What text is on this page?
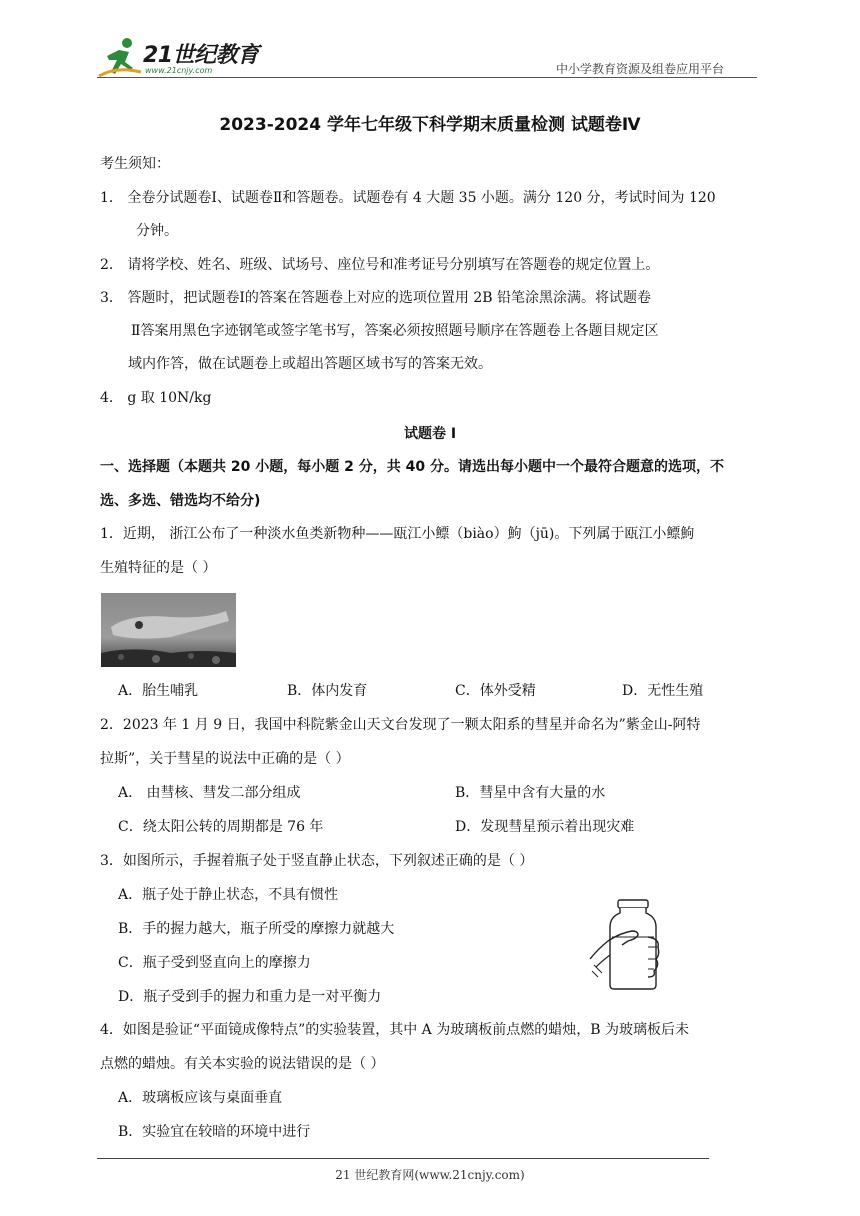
21世纪教育
www.21cnjy.com	中小学教育资源及组卷应用平台
2023-2024 学年七年级下科学期末质量检测 试题卷Ⅳ
考生须知：
1． 全卷分试题卷Ⅰ、试题卷Ⅱ和答题卷。试题卷有 4 大题 35 小题。满分 120 分，考试时间为 120
分钟。
2． 请将学校、姓名、班级、试场号、座位号和准考证号分别填写在答题卷的规定位置上。
3． 答题时，把试题卷Ⅰ的答案在答题卷上对应的选项位置用 2B 铅笔涂黑涂满。将试题卷
Ⅱ答案用黑色字迹钢笔或签字笔书写，答案必须按照题号顺序在答题卷上各题目规定区
域内作答，做在试题卷上或超出答题区域书写的答案无效。
4． g 取 10N/kg
试题卷 I
一、选择题（本题共 20 小题，每小题 2 分，共 40 分。请选出每小题中一个最符合题意的选项，不
选、多选、错选均不给分)
1．近期， 浙江公布了一种淡水鱼类新物种——瓯江小鳔（biào）鮈（jū)。下列属于瓯江小鳔鮈
生殖特征的是（ ）
A．胎生哺乳	B．体内发育	C．体外受精	D．无性生殖
2．2023 年 1 月 9 日，我国中科院紫金山天文台发现了一颗太阳系的彗星并命名为”紫金山-阿特
拉斯”，关于彗星的说法中正确的是（ ）
A． 由彗核、彗发二部分组成	B．彗星中含有大量的水
C．绕太阳公转的周期都是 76 年	D．发现彗星预示着出现灾难
3．如图所示，手握着瓶子处于竖直静止状态，下列叙述正确的是（ ）
A．瓶子处于静止状态，不具有惯性
B．手的握力越大，瓶子所受的摩擦力就越大
C．瓶子受到竖直向上的摩擦力
D．瓶子受到手的握力和重力是一对平衡力
4．如图是验证“平面镜成像特点”的实验装置，其中 A 为玻璃板前点燃的蜡烛，B 为玻璃板后未
点燃的蜡烛。有关本实验的说法错误的是（ ）
A．玻璃板应该与桌面垂直
B．实验宜在较暗的环境中进行
21 世纪教育网(www.21cnjy.com)
